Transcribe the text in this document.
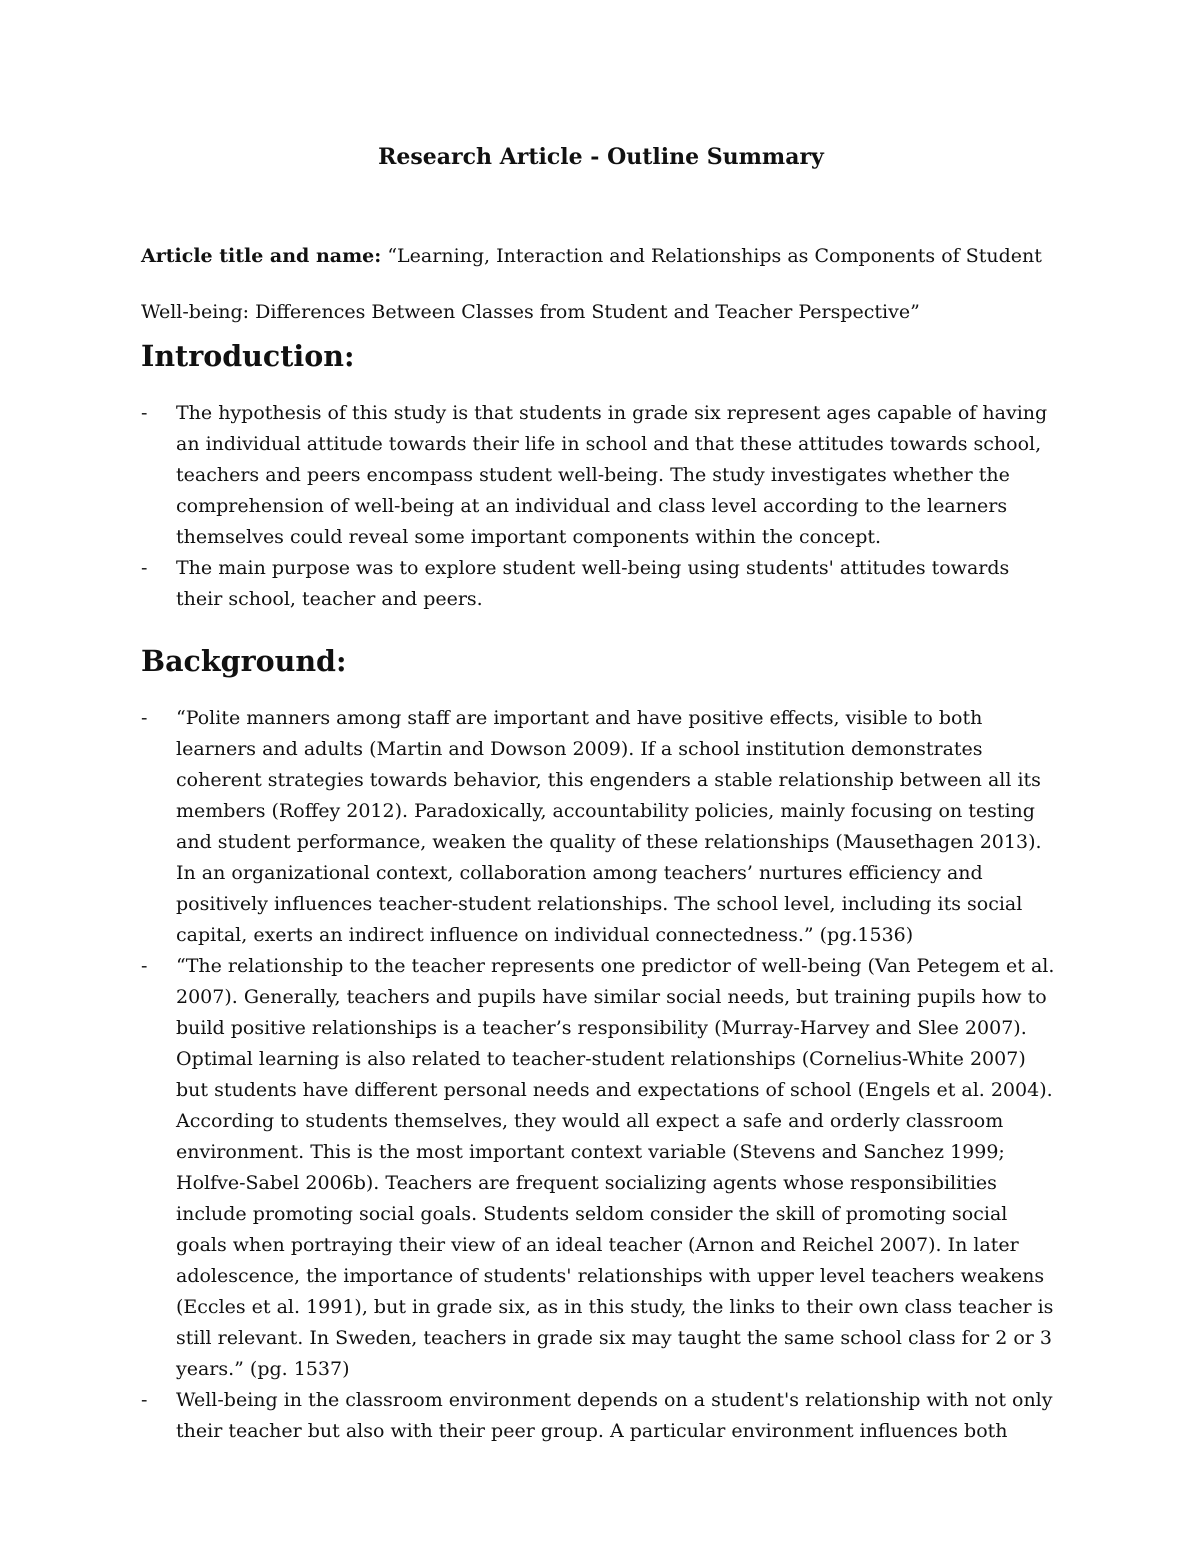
Research Article - Outline Summary

Article title and name: “Learning, Interaction and Relationships as Components of Student

Well-being: Differences Between Classes from Student and Teacher Perspective”

Introduction:
- The hypothesis of this study is that students in grade six represent ages capable of having an individual attitude towards their life in school and that these attitudes towards school, teachers and peers encompass student well-being. The study investigates whether the comprehension of well-being at an individual and class level according to the learners themselves could reveal some important components within the concept.
- The main purpose was to explore student well-being using students' attitudes towards their school, teacher and peers.
Background:
- “Polite manners among staff are important and have positive effects, visible to both learners and adults (Martin and Dowson 2009). If a school institution demonstrates coherent strategies towards behavior, this engenders a stable relationship between all its members (Roffey 2012). Paradoxically, accountability policies, mainly focusing on testing and student performance, weaken the quality of these relationships (Mausethagen 2013). In an organizational context, collaboration among teachers’ nurtures efficiency and positively influences teacher-student relationships. The school level, including its social capital, exerts an indirect influence on individual connectedness.” (pg.1536)
- “The relationship to the teacher represents one predictor of well-being (Van Petegem et al. 2007). Generally, teachers and pupils have similar social needs, but training pupils how to build positive relationships is a teacher’s responsibility (Murray-Harvey and Slee 2007). Optimal learning is also related to teacher-student relationships (Cornelius-White 2007) but students have different personal needs and expectations of school (Engels et al. 2004). According to students themselves, they would all expect a safe and orderly classroom environment. This is the most important context variable (Stevens and Sanchez 1999; Holfve-Sabel 2006b). Teachers are frequent socializing agents whose responsibilities include promoting social goals. Students seldom consider the skill of promoting social goals when portraying their view of an ideal teacher (Arnon and Reichel 2007). In later adolescence, the importance of students' relationships with upper level teachers weakens (Eccles et al. 1991), but in grade six, as in this study, the links to their own class teacher is still relevant. In Sweden, teachers in grade six may taught the same school class for 2 or 3 years.” (pg. 1537)
- Well-being in the classroom environment depends on a student's relationship with not only their teacher but also with their peer group. A particular environment influences both
